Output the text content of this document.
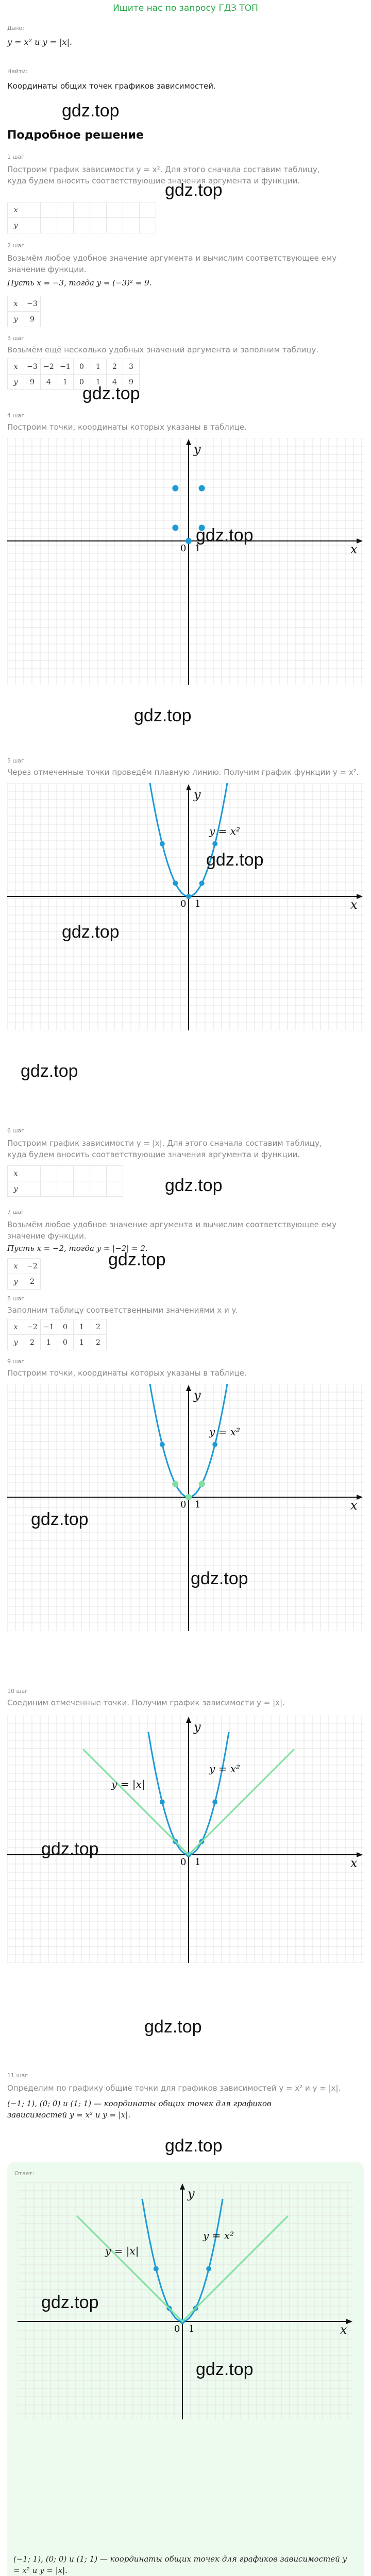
Ищите нас по запросу ГДЗ ТОП
Дано:
y = x² и y = |x|.
Найти:
Координаты общих точек графиков зависимостей.
gdz.top
Подробное решение
1 шаг
Построим график зависимости y = x². Для этого сначала составим таблицу, куда будем вносить соответствующие значения аргумента и функции.
gdz.top
x								
y								
2 шаг
Возьмём любое удобное значение аргумента и вычислим соответствующее ему значение функции.
Пусть x = −3, тогда y = (−3)² = 9.
x	−3
y	9
3 шаг
Возьмём ещё несколько удобных значений аргумента и заполним таблицу.
x	−3	−2	−1	0	1	2	3
y	9	4	1	0	1	4	9
gdz.top
4 шаг
Построим точки, координаты которых указаны в таблице.
x
y
0 1
gdz.top
gdz.top
5 шаг
Через отмеченные точки проведём плавную линию. Получим график функции y = x².
x
y
0 1
y = x²
gdz.top
gdz.top
gdz.top
6 шаг
Построим график зависимости y = |x|. Для этого сначала составим таблицу, куда будем вносить соответствующие значения аргумента и функции.
x						
y							gdz.top
7 шаг
Возьмём любое удобное значение аргумента и вычислим соответствующее ему значение функции.
Пусть x = −2, тогда y = |−2| = 2.
x	−2
y	2
gdz.top
8 шаг
Заполним таблицу соответственными значениями x и y.
x	−2	−1	0	1	2
y	2	1	0	1	2
9 шаг
Построим точки, координаты которых указаны в таблице.
x
y
0 1
y = x²
gdz.top
gdz.top
10 шаг
Соединим отмеченные точки. Получим график зависимости y = |x|.
x
y
0 1
y = x²
y = |x|
gdz.top
gdz.top
11 шаг
Определим по графику общие точки для графиков зависимостей y = x² и y = |x|.
(−1; 1), (0; 0) и (1; 1) — координаты общих точек для графиков зависимостей y = x² и y = |x|.
gdz.top
Ответ:
x
y
0 1
y = x²
y = |x|
(−1; 1), (0; 0) и (1; 1) — координаты общих точек для графиков зависимостей y = x² и y = |x|.
gdz.top
gdz.top
